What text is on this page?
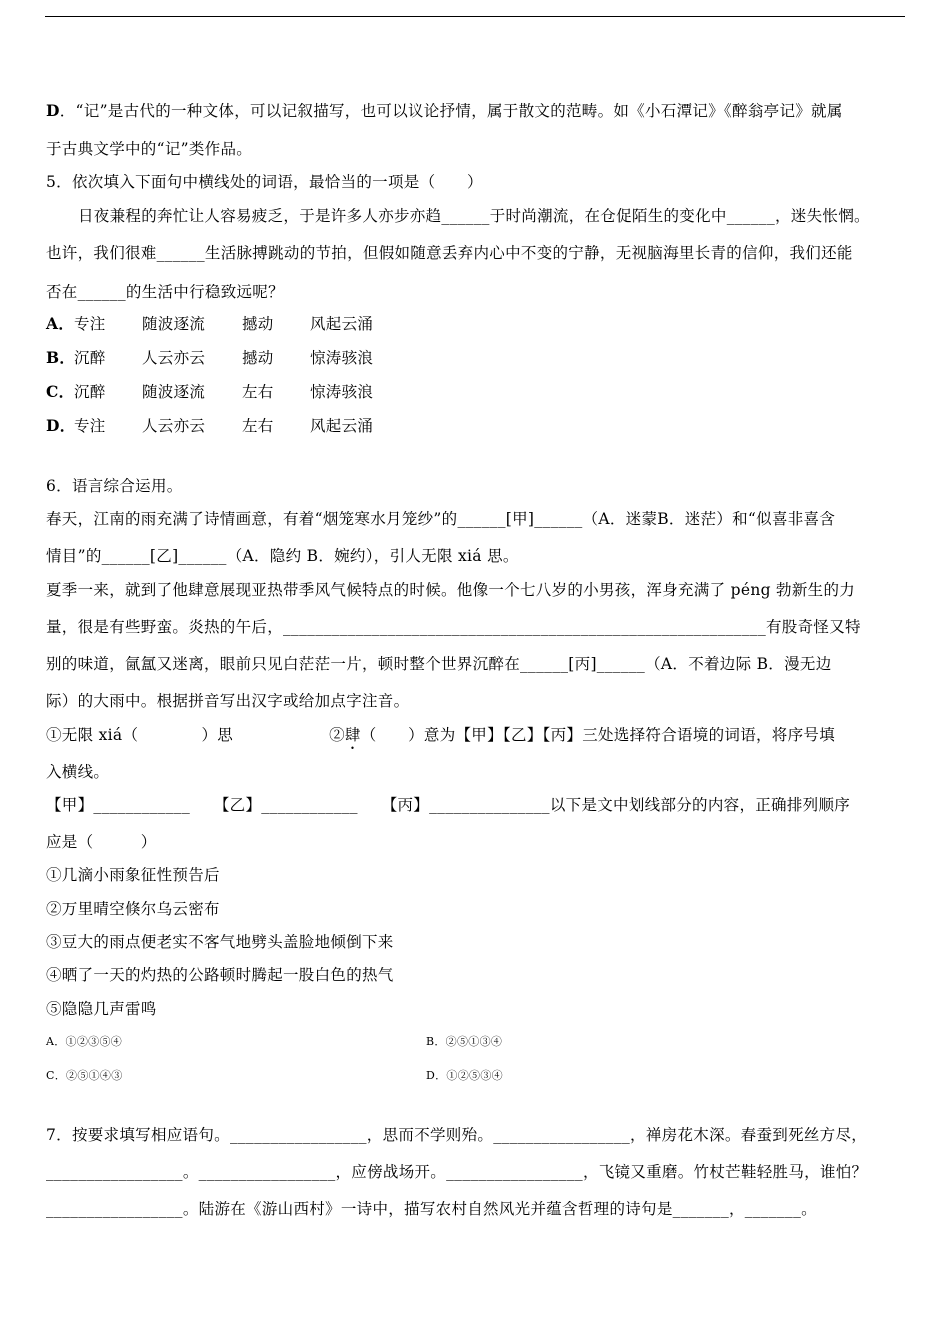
D．“记”是古代的一种文体，可以记叙描写，也可以议论抒情，属于散文的范畴。如《小石潭记》《醉翁亭记》就属
于古典文学中的“记”类作品。
5．依次填入下面句中横线处的词语，最恰当的一项是（　　）
日夜兼程的奔忙让人容易疲乏，于是许多人亦步亦趋______于时尚潮流，在仓促陌生的变化中______，迷失怅惘。
也许，我们很难______生活脉搏跳动的节拍，但假如随意丢弃内心中不变的宁静，无视脑海里长青的信仰，我们还能
否在______的生活中行稳致远呢？
A．专注 随波逐流 撼动 风起云涌
B．沉醉 人云亦云 撼动 惊涛骇浪
C．沉醉 随波逐流 左右 惊涛骇浪
D．专注 人云亦云 左右 风起云涌
6．语言综合运用。
春天，江南的雨充满了诗情画意，有着“烟笼寒水月笼纱”的______[甲]______（A．迷蒙B．迷茫）和“似喜非喜含
情目”的______[乙]______（A．隐约 B．婉约），引人无限 xiá 思。
夏季一来，就到了他肆意展现亚热带季风气候特点的时候。他像一个七八岁的小男孩，浑身充满了 péng 勃新生的力
量，很是有些野蛮。炎热的午后，____________________________________________________________有股奇怪又特
别的味道，氤氲又迷离，眼前只见白茫茫一片，顿时整个世界沉醉在______[丙]______（A．不着边际 B．漫无边
际）的大雨中。根据拼音写出汉字或给加点字注音。
①无限 xiá（　　　　）思	②肆（　　）意为【甲】【乙】【丙】三处选择符合语境的词语，将序号填
入横线。
【甲】____________　　【乙】____________　　【丙】_______________以下是文中划线部分的内容，正确排列顺序
应是（　　　）
①几滴小雨象征性预告后
②万里晴空倏尔乌云密布
③豆大的雨点便老实不客气地劈头盖脸地倾倒下来
④晒了一天的灼热的公路顿时腾起一股白色的热气
⑤隐隐几声雷鸣
A．①②③⑤④	B．②⑤①③④
C．②⑤①④③	D．①②⑤③④
7．按要求填写相应语句。_________________，思而不学则殆。_________________，禅房花木深。春蚕到死丝方尽，
_________________。_________________，应傍战场开。_________________，飞镜又重磨。竹杖芒鞋轻胜马，谁怕？
_________________。陆游在《游山西村》一诗中，描写农村自然风光并蕴含哲理的诗句是_______，_______。
